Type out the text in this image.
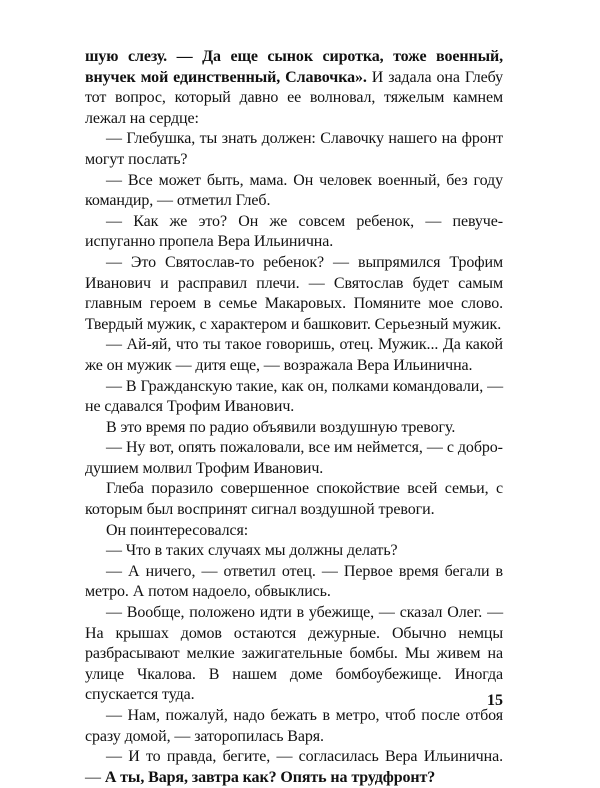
шую слезу. — Да еще сынок сиротка, тоже военный, внучек мой единственный, Славочка». И задала она Глебу тот вопрос, который давно ее волновал, тяжелым камнем лежал на сердце:

— Глебушка, ты знать должен: Славочку нашего на фронт могут послать?

— Все может быть, мама. Он человек военный, без году командир, — отметил Глеб.

— Как же это? Он же совсем ребенок, — певуче-испуганно пропела Вера Ильинична.

— Это Святослав-то ребенок? — выпрямился Трофим Иванович и расправил плечи. — Святослав будет самым главным героем в семье Макаровых. Помяните мое слово. Твердый мужик, с характером и башковит. Серьезный мужик.

— Ай-яй, что ты такое говоришь, отец. Мужик... Да какой же он мужик — дитя еще, — возражала Вера Ильинична.

— В Гражданскую такие, как он, полками командовали, — не сдавался Трофим Иванович.

В это время по радио объявили воздушную тревогу.

— Ну вот, опять пожаловали, все им неймется, — с добродушием молвил Трофим Иванович.

Глеба поразило совершенное спокойствие всей семьи, с которым был воспринят сигнал воздушной тревоги.

Он поинтересовался:

— Что в таких случаях мы должны делать?

— А ничего, — ответил отец. — Первое время бегали в метро. А потом надоело, обвыклись.

— Вообще, положено идти в убежище, — сказал Олег. — На крышах домов остаются дежурные. Обычно немцы разбрасывают мелкие зажигательные бомбы. Мы живем на улице Чкалова. В нашем доме бомбоубежище. Иногда спускается туда.

— Нам, пожалуй, надо бежать в метро, чтоб после отбоя сразу домой, — заторопилась Варя.

— И то правда, бегите, — согласилась Вера Ильинична. — А ты, Варя, завтра как? Опять на трудфронт?

15
